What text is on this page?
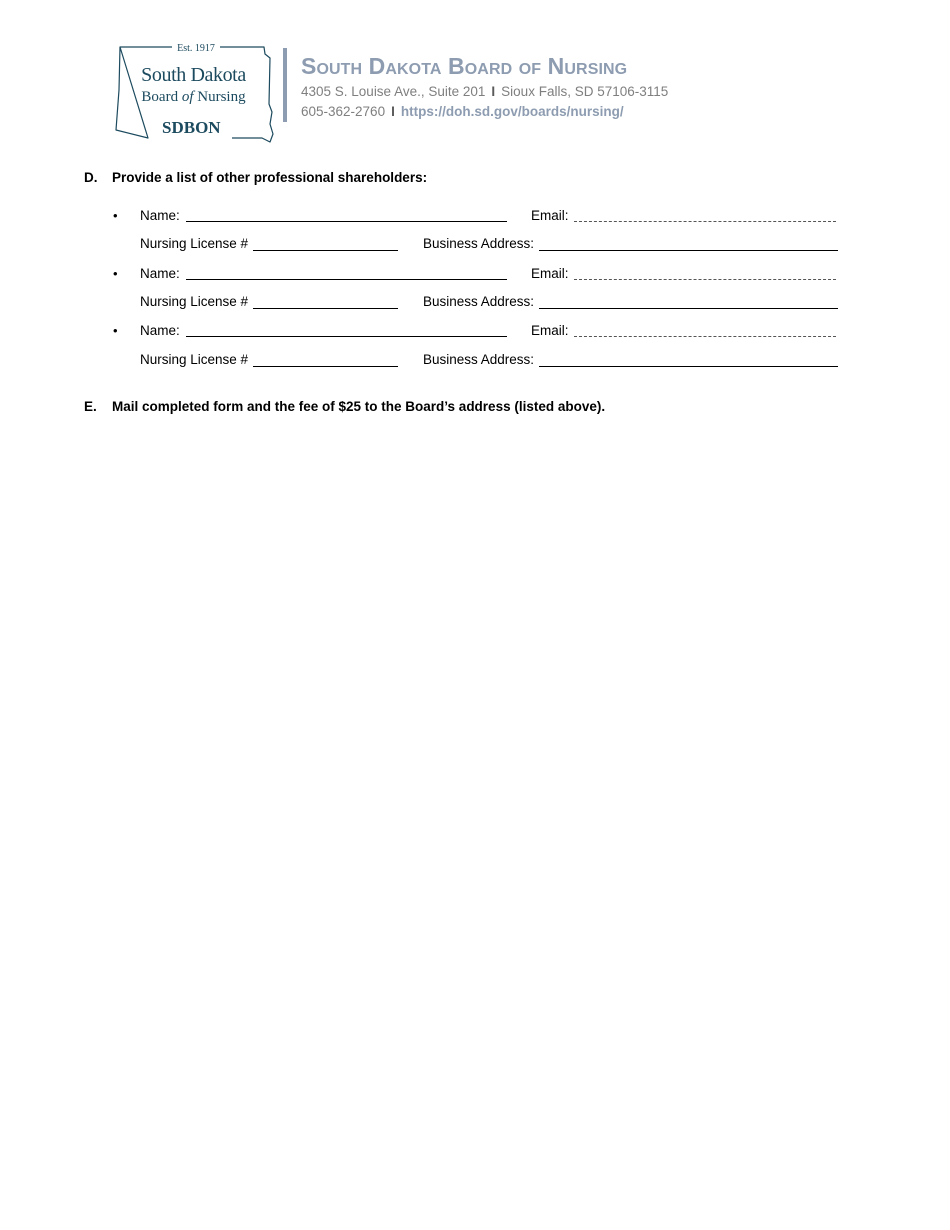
Est. 1917
South Dakota
Board of Nursing
SDBON
South Dakota Board of Nursing
4305 S. Louise Ave., Suite 201 I Sioux Falls, SD 57106-3115
605-362-2760 I https://doh.sd.gov/boards/nursing/
D. Provide a list of other professional shareholders:
• Name:	Email:
Nursing License #	Business Address:
• Name:	Email:
Nursing License #	Business Address:
• Name:	Email:
Nursing License #	Business Address:
E. Mail completed form and the fee of $25 to the Board’s address (listed above).
